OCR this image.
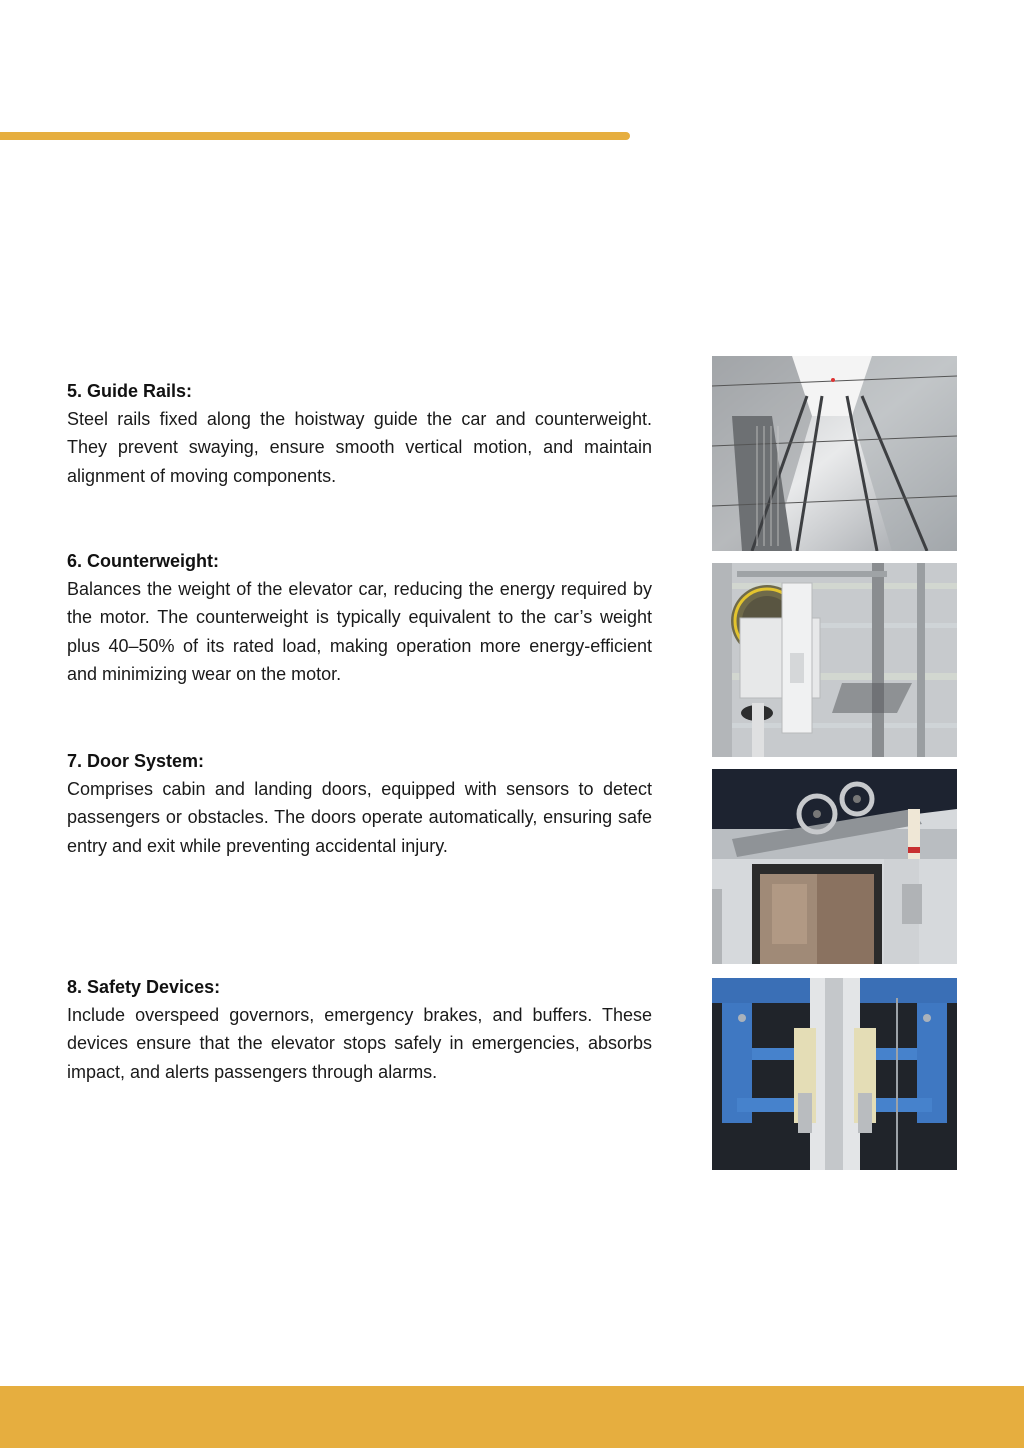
5. Guide Rails:

Steel rails fixed along the hoistway guide the car and counterweight. They prevent swaying, ensure smooth vertical motion, and maintain alignment of moving components.

6. Counterweight:

Balances the weight of the elevator car, reducing the energy required by the motor. The counterweight is typically equivalent to the car’s weight plus 40–50% of its rated load, making operation more energy-efficient and minimizing wear on the motor.

7. Door System:

Comprises cabin and landing doors, equipped with sensors to detect passengers or obstacles. The doors operate automatically, ensuring safe entry and exit while preventing accidental injury.

8. Safety Devices:

Include overspeed governors, emergency brakes, and buffers. These devices ensure that the elevator stops safely in emergencies, absorbs impact, and alerts passengers through alarms.
